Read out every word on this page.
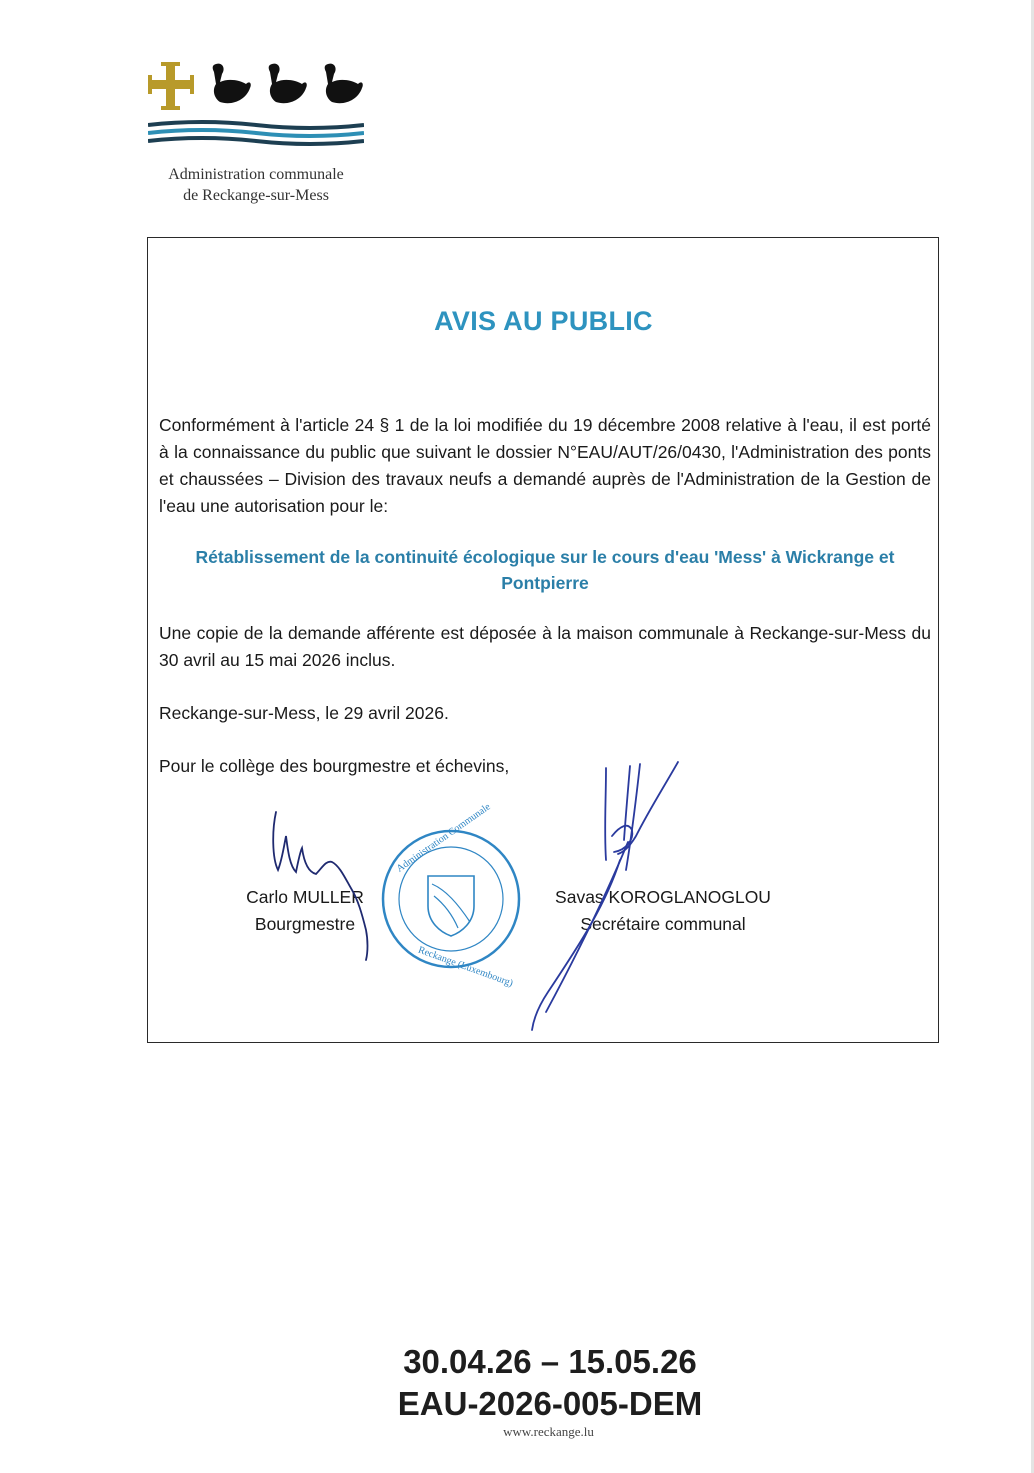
Administration communale
de Reckange-sur-Mess
AVIS AU PUBLIC
Conformément à l'article 24 § 1 de la loi modifiée du 19 décembre 2008 relative à l'eau, il est porté à la connaissance du public que suivant le dossier N°EAU/AUT/26/0430, l'Administration des ponts et chaussées – Division des travaux neufs a demandé auprès de l'Administration de la Gestion de l'eau une autorisation pour le:
Rétablissement de la continuité écologique sur le cours d'eau 'Mess' à Wickrange et
Pontpierre
Une copie de la demande afférente est déposée à la maison communale à Reckange-sur-Mess du 30 avril au 15 mai 2026 inclus.
Reckange-sur-Mess, le 29 avril 2026.
Pour le collège des bourgmestre et échevins,
Carlo MULLER
Bourgmestre
Savas KOROGLANOGLOU
Secrétaire communal
Administration Communale
Reckange (Luxembourg)
30.04.26 – 15.05.26
EAU-2026-005-DEM
www.reckange.lu
